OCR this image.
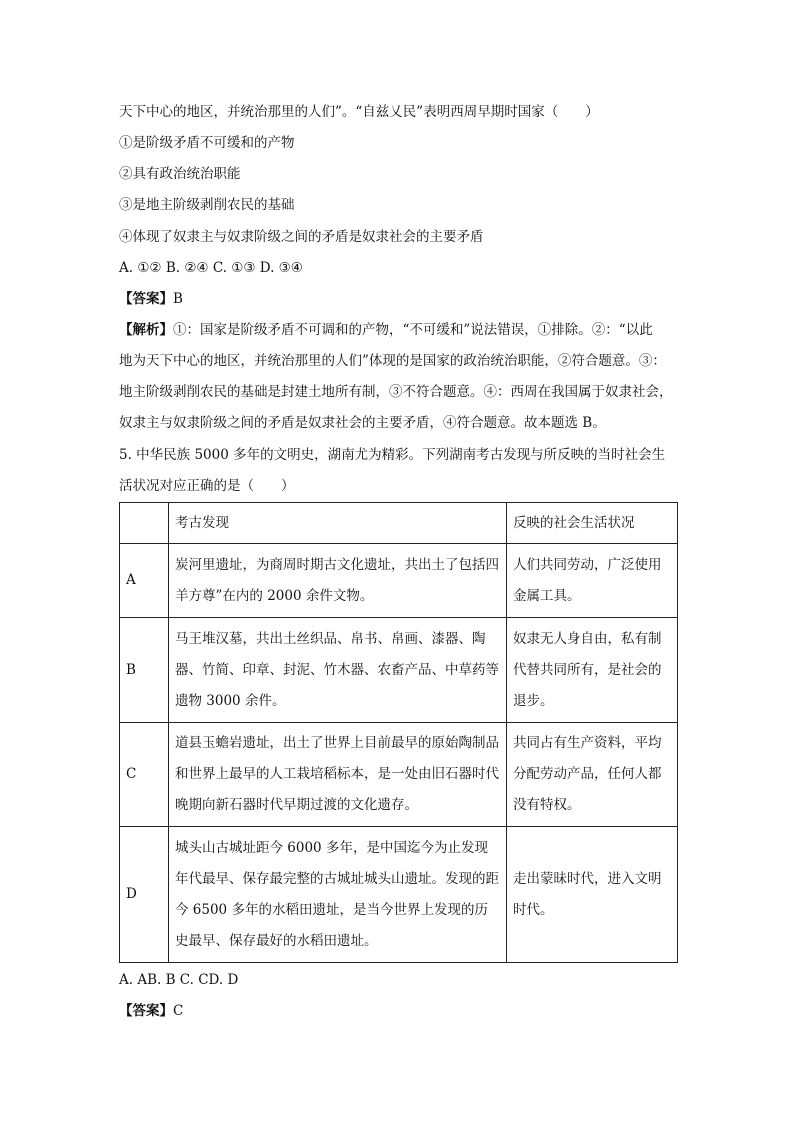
天下中心的地区，并统治那里的人们”。“自兹乂民”表明西周早期时国家（　　）
①是阶级矛盾不可缓和的产物
②具有政治统治职能
③是地主阶级剥削农民的基础
④体现了奴隶主与奴隶阶级之间的矛盾是奴隶社会的主要矛盾
A. ①② B. ②④ C. ①③ D. ③④
【答案】B
【解析】①：国家是阶级矛盾不可调和的产物，“不可缓和”说法错误，①排除。②：“以此
地为天下中心的地区，并统治那里的人们”体现的是国家的政治统治职能，②符合题意。③：
地主阶级剥削农民的基础是封建土地所有制，③不符合题意。④：西周在我国属于奴隶社会，
奴隶主与奴隶阶级之间的矛盾是奴隶社会的主要矛盾，④符合题意。故本题选 B。
5. 中华民族 5000 多年的文明史，湖南尤为精彩。下列湖南考古发现与所反映的当时社会生
活状况对应正确的是（　　）
	考古发现	反映的社会生活状况
A	炭河里遗址，为商周时期古文化遗址，共出土了包括四羊方尊”在内的 2000 余件文物。	人们共同劳动，广泛使用金属工具。
B	马王堆汉墓，共出土丝织品、帛书、帛画、漆器、陶器、竹简、印章、封泥、竹木器、农畜产品、中草药等遗物 3000 余件。	奴隶无人身自由，私有制代替共同所有，是社会的退步。
C	道县玉蟾岩遗址，出土了世界上目前最早的原始陶制品和世界上最早的人工栽培稻标本，是一处由旧石器时代晚期向新石器时代早期过渡的文化遗存。	共同占有生产资料，平均分配劳动产品，任何人都没有特权。
D	城头山古城址距今 6000 多年，是中国迄今为止发现年代最早、保存最完整的古城址城头山遗址。发现的距今 6500 多年的水稻田遗址，是当今世界上发现的历史最早、保存最好的水稻田遗址。	走出蒙昧时代，进入文明时代。
A. AB. B C. CD. D
【答案】C
